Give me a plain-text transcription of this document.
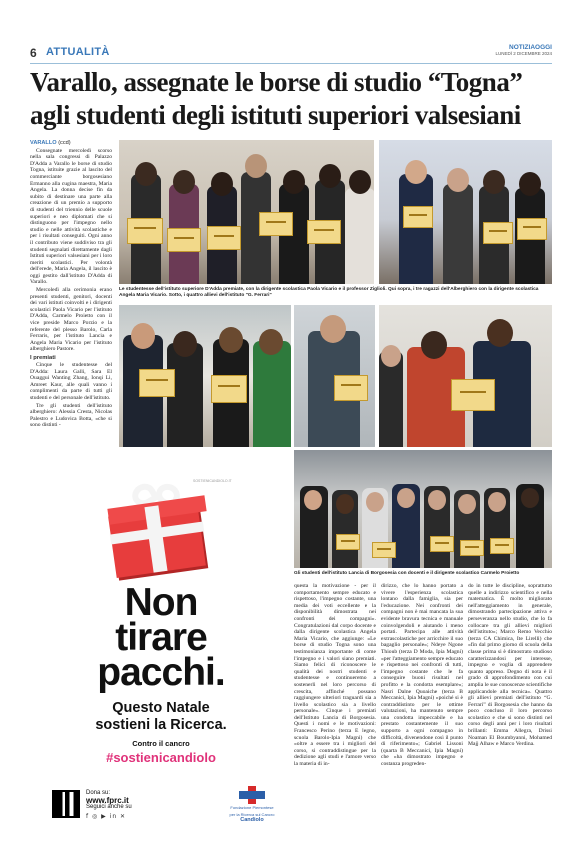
6 ATTUALITÀ	NOTIZIAOGGI
LUNEDÌ 2 DICEMBRE 2024
Varallo, assegnate le borse di studio “Togna” agli studenti degli istituti superiori valsesiani

VARALLO (ccd)

Consegnate mercoledì scorso nella sala congressi di Palazzo D'Adda a Varallo le borse di studio Togna, istituite grazie al lascito del commerciante borgosesiano Ermanno alla cugina maestra, Maria Angela. La donna decise fin da subito di destinare una parte alla creazione di un premio a supporto di studenti del triennio delle scuole superiori e neo diplomati che si distinguono per l'impegno nello studio e nelle attività scolastiche e per i risultati conseguiti. Ogni anno il contributo viene suddiviso tra gli studenti segnalati direttamente dagli Istituti superiori valsesiani per i loro meriti scolastici. Per volontà dell'erede, Maria Angela, il lascito è oggi gestito dall'istituto D'Adda di Varallo.

Mercoledì alla cerimonia erano presenti studenti, genitori, docenti dei vari istituti coinvolti e i dirigenti scolastici Paola Vicario per l'istituto D'Adda, Carmelo Proietto con il vice preside Marco Porzio e la referente del plesso Barolo, Carla Ferraris, per l'istituto Lancia e Angela Maria Vicario per l'istituto alberghiero Pastore.

I premiati

Cinque le studentesse del D'Adda: Laura Galli, Sara El Ouaggui Wanting Zhang, Ionqi Li, Amreet Kaur, alle quali vanno i complimenti da parte di tutti gli studenti e del personale dell'istituto.

Tre gli studenti dell'istituto alberghiero: Alessia Cresta, Nicolas Palestro e Ludovica Botta, «che si sono distinti -

Le studentesse dell'istituto superiore D'Adda premiate, con la dirigente scolastica Paola Vicario e il professor Ziglioli. Qui sopra, i tre ragazzi dell'Alberghiero con la dirigente scolastica Angela Maria Vicario. Sotto, i quattro allievi dell'istituto "G. Ferrari"

Gli studenti dell'istituto Lancia di Borgosesia con docenti e il dirigente scolastico Carmelo Proietto

questa la motivazione - per il comportamento sempre educato e rispettoso, l'impegno costante, una media dei voti eccellente e la disponibilità dimostrata nei confronti dei compagni». Congratulazioni dal corpo docente e dalla dirigente scolastica Angela Maria Vicario, che aggiunge: «Le borse di studio Togna sono una testimonianza importante di come l'impegno e i valori siano premiati. Siamo felici di riconoscere le qualità dei nostri studenti e studentesse e continueremo a sostenerli nel loro percorso di crescita, affinché possano raggiungere ulteriori traguardi sia a livello scolastico sia a livello personale». Cinque i premiati dell'Istituto Lancia di Borgosesia. Questi i nomi e le motivazioni: Francesco Perino (terza E legno, scuola Barolo-Ipia Magni) che «oltre a essere tra i migliori del corso, si contraddistingue per la dedizione agli studi e l'amore verso la materia di in-

dirizzo, che lo hanno portato a vivere l'esperienza scolastica lontano dalla famiglia, sia per l'educazione. Nei confronti dei compagni non è mai mancata la sua evidente bravura tecnica e manuale coinvolgendoli e aiutando i meno portati. Partecipa alle attività extrascolastiche per arricchire il suo bagaglio personale»; Ndeye Ngone Thioub (terza D Moda, Ipia Magni) «per l'atteggiamento sempre educato e rispettoso nei confronti di tutti, l'impegno costante che le fa conseguire buoni risultati nel profitto e la condotta esemplare»; Nasri Dalne Quoaiche (terza B Meccanici, Ipia Magni) «poiché si è contraddistinto per le ottime valutazioni, ha mantenuto sempre una condotta impeccabile e ha prestato costantemente il suo supporto a ogni compagno in difficoltà, divenendone così il punto di riferimento»; Gabriel Lissoni (quarta B Meccanici, Ipia Magni) che «ha dimostrato impegno e costanza progreden-

do in tutte le discipline, soprattutto quelle a indirizzo scientifico e nella matematica. È molto migliorato nell'atteggiamento in generale, dimostrando partecipazione attiva e perseveranza nello studio, che lo fa collocare tra gli allievi migliori dell'istituto»; Marco Remo Vecchio (terza CA Chimica, Ite Lirelli) che «fin dal primo giorno di scuola della classe prima si è dimostrato studioso caratterizzandosi per interesse, impegno e voglia di apprendere quanto appreso. Degno di nota è il grado di approfondimento con cui amplia le sue conoscenze scientifiche applicandole alla tecnica». Quattro gli allievi premiati dell'istituto “G. Ferrari” di Borgosesia che hanno da poco concluso il loro percorso scolastico e che si sono distinti nel corso degli anni per i loro risultati brillanti: Emma Allegra, Drissi Noaman El Boumbyanni, Mohamed Majj Alhaw e Marco Verdina.

Non
tirare
pacchi.
Questo Natale
sostieni la Ricerca.
Contro il cancro
#sostienicandiolo
Dona su:
www.fprc.it
Seguici anche su
f ◎ ▶ in ✕
Fondazione Piemontese
per la Ricerca sul Cancro
Candiolo
SOSTIENICANDIOLO.IT
